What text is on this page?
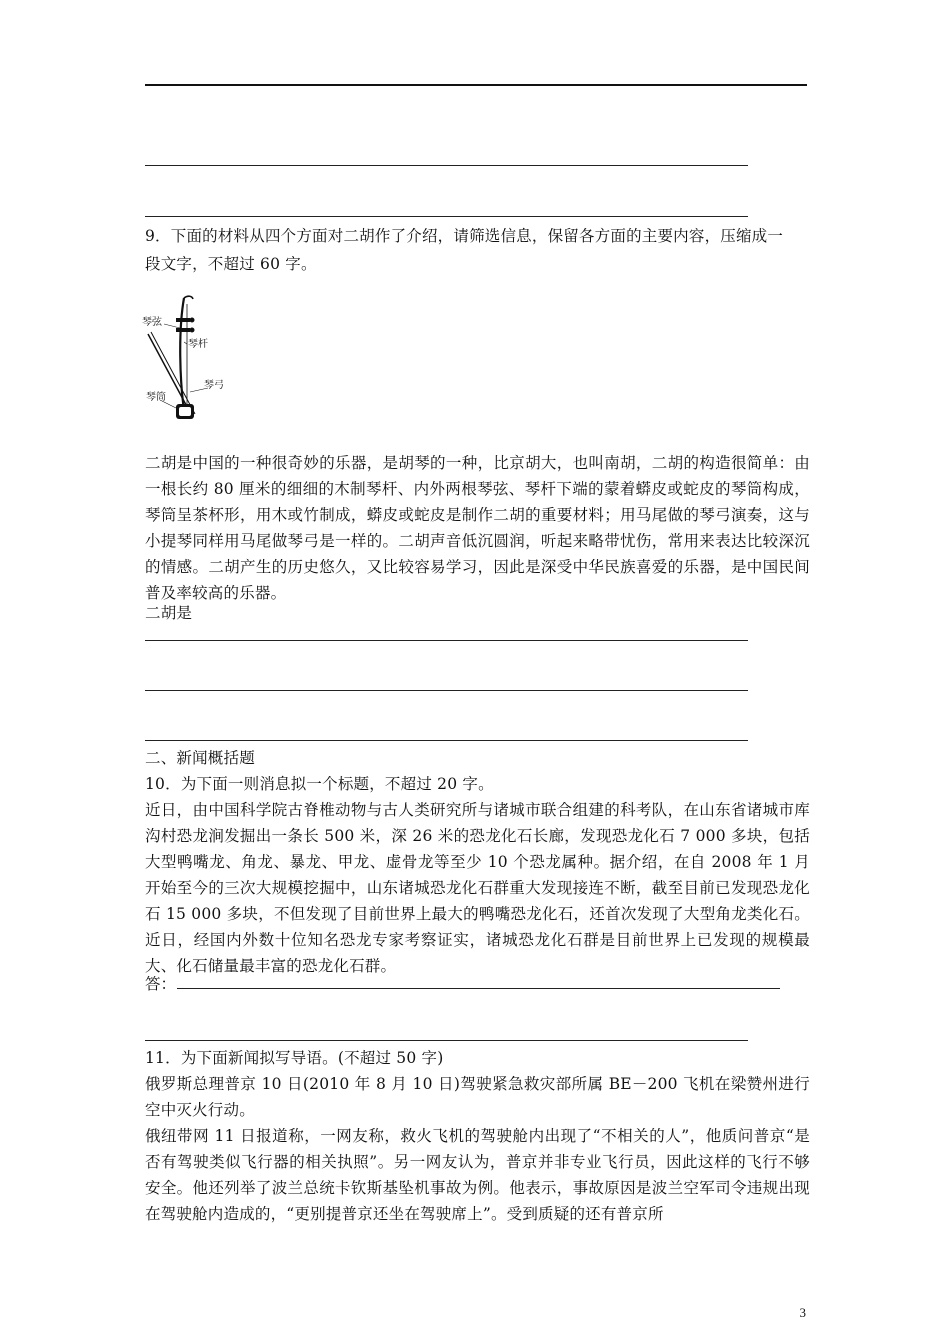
9．下面的材料从四个方面对二胡作了介绍，请筛选信息，保留各方面的主要内容，压缩成一
段文字，不超过 60 字。
琴弦
琴杆
琴筒
琴弓
二胡是中国的一种很奇妙的乐器，是胡琴的一种，比京胡大，也叫南胡，二胡的构造很简单：由一根长约 80 厘米的细细的木制琴杆、内外两根琴弦、琴杆下端的蒙着蟒皮或蛇皮的琴筒构成，琴筒呈茶杯形，用木或竹制成，蟒皮或蛇皮是制作二胡的重要材料；用马尾做的琴弓演奏，这与小提琴同样用马尾做琴弓是一样的。二胡声音低沉圆润，听起来略带忧伤，常用来表达比较深沉的情感。二胡产生的历史悠久，又比较容易学习，因此是深受中华民族喜爱的乐器，是中国民间普及率较高的乐器。
二胡是
二、新闻概括题
10．为下面一则消息拟一个标题，不超过 20 字。
近日，由中国科学院古脊椎动物与古人类研究所与诸城市联合组建的科考队，在山东省诸城市库沟村恐龙涧发掘出一条长 500 米，深 26 米的恐龙化石长廊，发现恐龙化石 7 000 多块，包括大型鸭嘴龙、角龙、暴龙、甲龙、虚骨龙等至少 10 个恐龙属种。据介绍，在自 2008 年 1 月开始至今的三次大规模挖掘中，山东诸城恐龙化石群重大发现接连不断，截至目前已发现恐龙化石 15 000 多块，不但发现了目前世界上最大的鸭嘴恐龙化石，还首次发现了大型角龙类化石。近日，经国内外数十位知名恐龙专家考察证实，诸城恐龙化石群是目前世界上已发现的规模最大、化石储量最丰富的恐龙化石群。
答：
11．为下面新闻拟写导语。(不超过 50 字)
俄罗斯总理普京 10 日(2010 年 8 月 10 日)驾驶紧急救灾部所属 BE－200 飞机在梁赞州进行空中灭火行动。
俄纽带网 11 日报道称，一网友称，救火飞机的驾驶舱内出现了“不相关的人”，他质问普京“是否有驾驶类似飞行器的相关执照”。另一网友认为，普京并非专业飞行员，因此这样的飞行不够安全。他还列举了波兰总统卡钦斯基坠机事故为例。他表示，事故原因是波兰空军司令违规出现在驾驶舱内造成的，“更别提普京还坐在驾驶席上”。受到质疑的还有普京所
3
